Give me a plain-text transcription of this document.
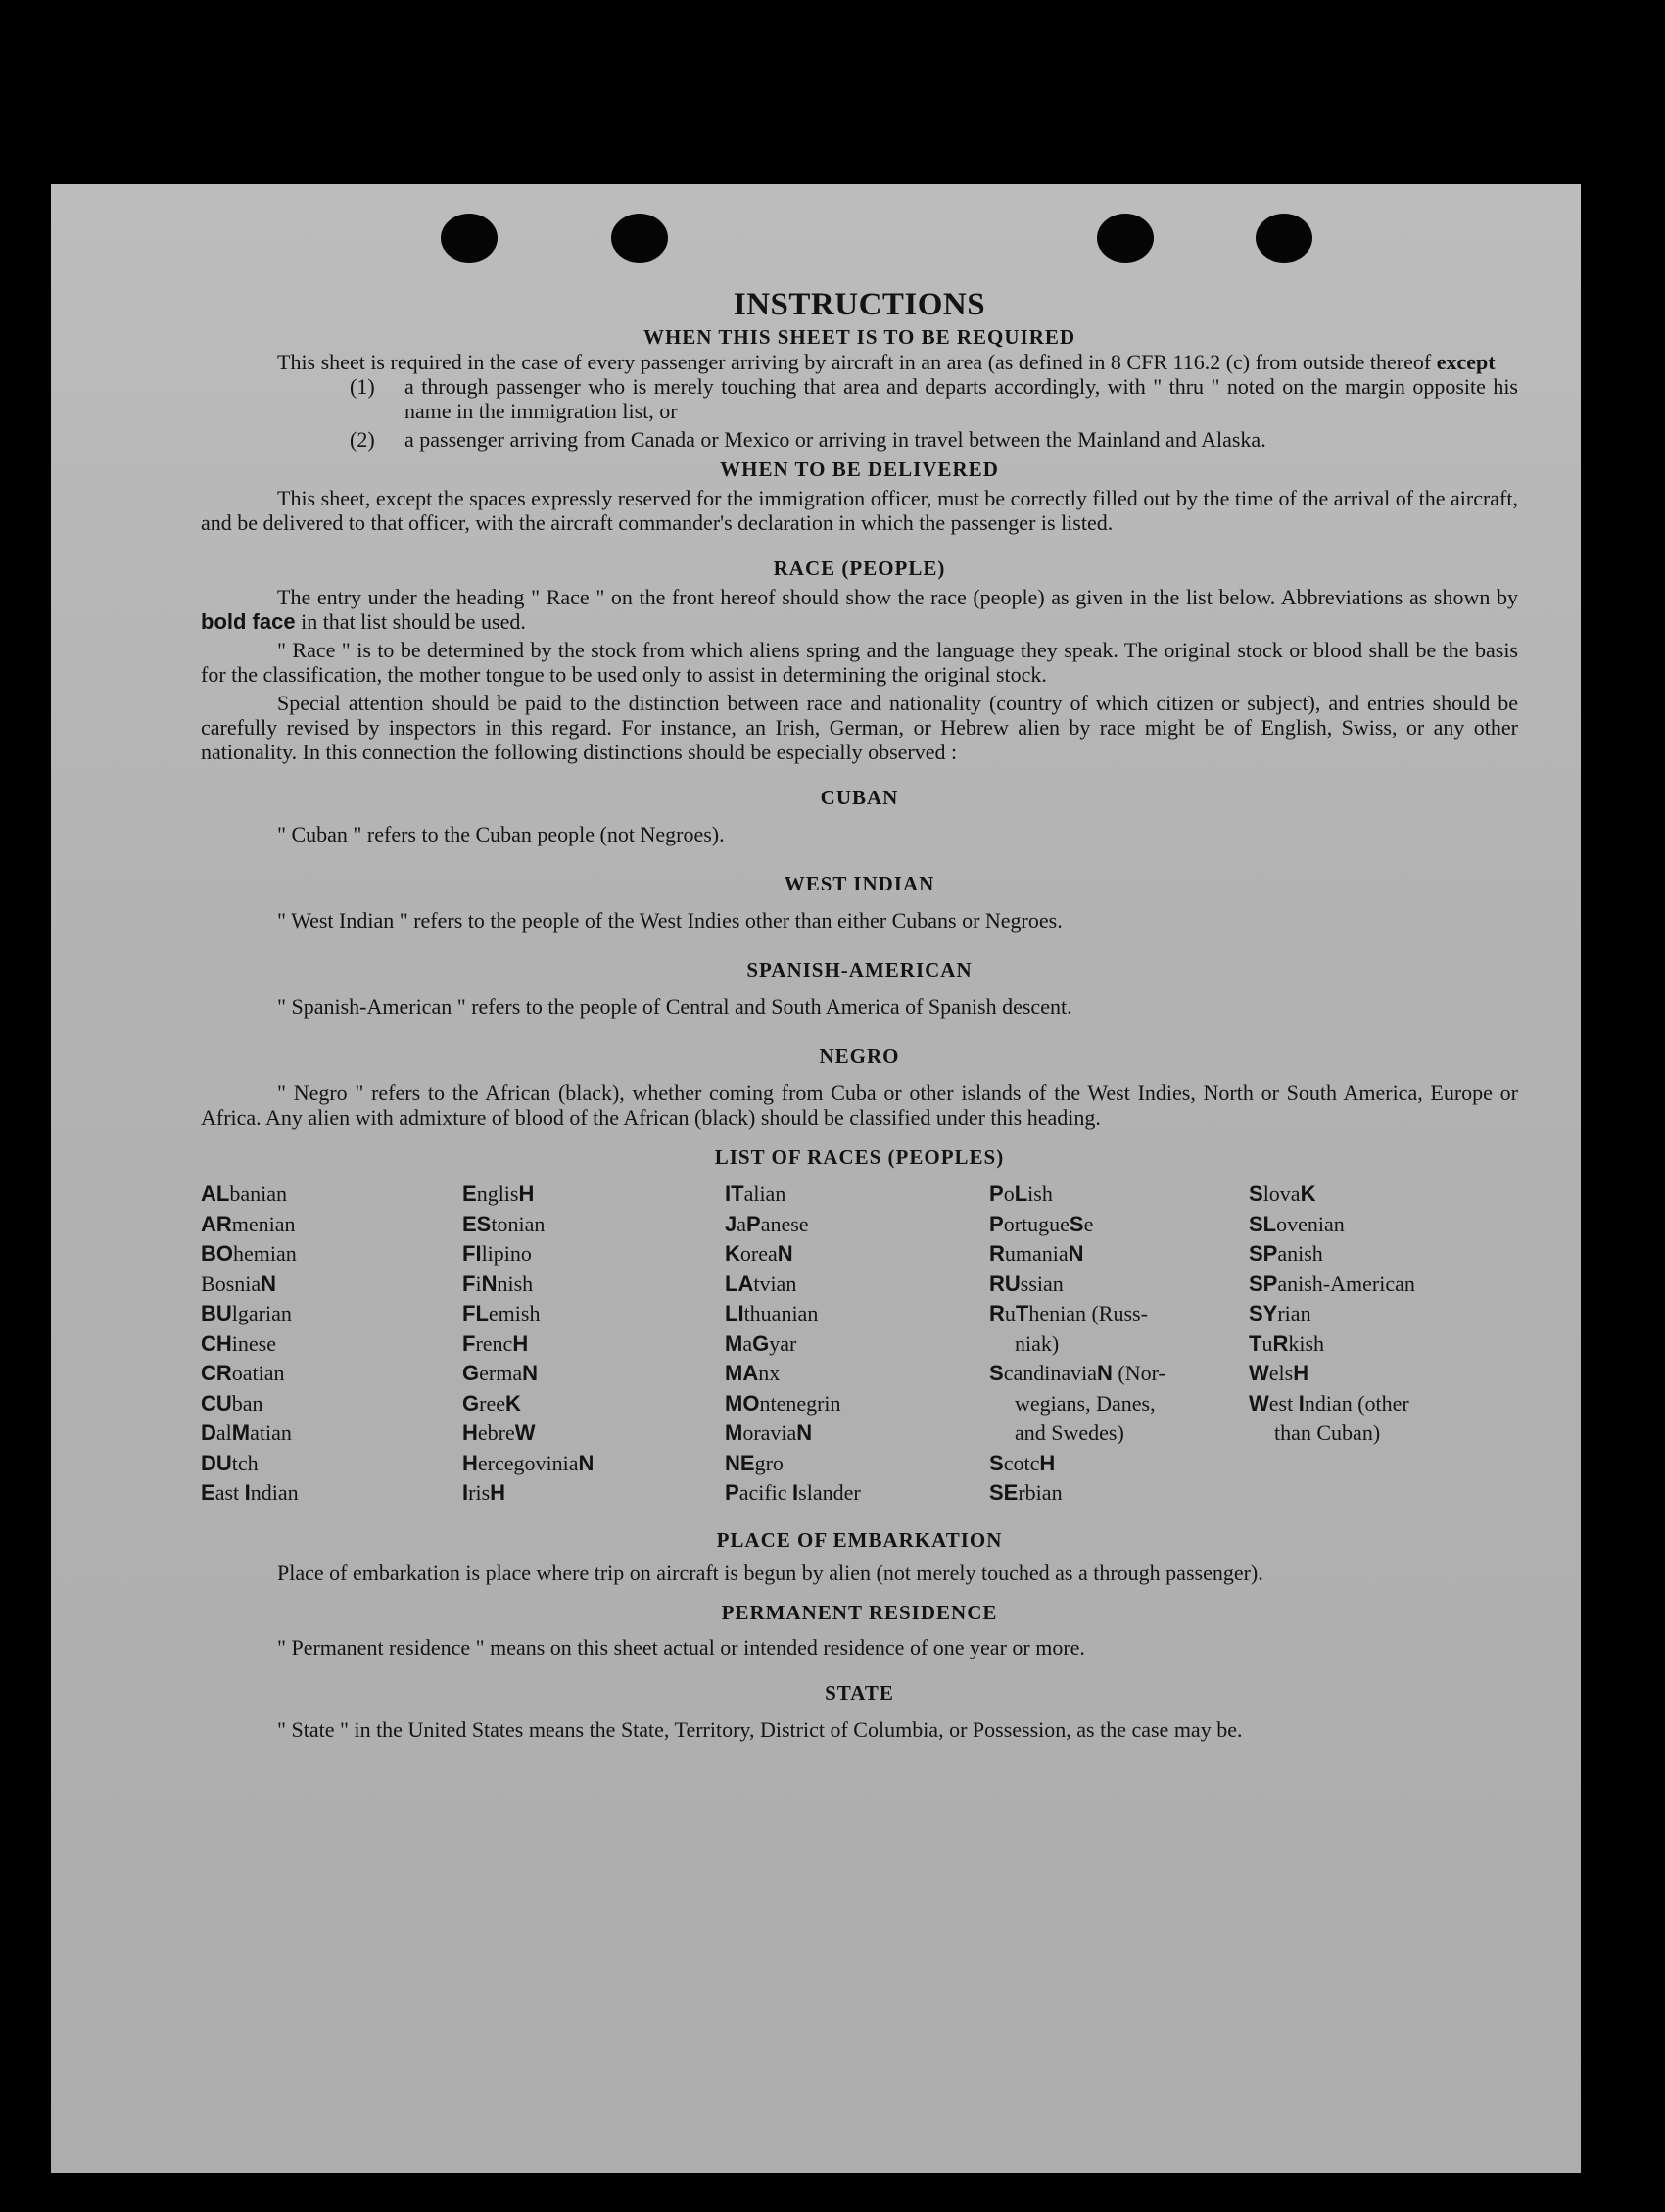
INSTRUCTIONS
WHEN THIS SHEET IS TO BE REQUIRED

This sheet is required in the case of every passenger arriving by aircraft in an area (as defined in 8 CFR 116.2 (c) from outside thereof except

(1) a through passenger who is merely touching that area and departs accordingly, with " thru " noted on the margin opposite his name in the immigration list, or
(2) a passenger arriving from Canada or Mexico or arriving in travel between the Mainland and Alaska.
WHEN TO BE DELIVERED

This sheet, except the spaces expressly reserved for the immigration officer, must be correctly filled out by the time of the arrival of the aircraft, and be delivered to that officer, with the aircraft commander's declaration in which the passenger is listed.

RACE (PEOPLE)

The entry under the heading " Race " on the front hereof should show the race (people) as given in the list below. Abbreviations as shown by bold face in that list should be used.

" Race " is to be determined by the stock from which aliens spring and the language they speak. The original stock or blood shall be the basis for the classification, the mother tongue to be used only to assist in determining the original stock.

Special attention should be paid to the distinction between race and nationality (country of which citizen or subject), and entries should be carefully revised by inspectors in this regard. For instance, an Irish, German, or Hebrew alien by race might be of English, Swiss, or any other nationality. In this connection the following distinctions should be especially observed :

CUBAN

" Cuban " refers to the Cuban people (not Negroes).

WEST INDIAN

" West Indian " refers to the people of the West Indies other than either Cubans or Negroes.

SPANISH-AMERICAN

" Spanish-American " refers to the people of Central and South America of Spanish descent.

NEGRO

" Negro " refers to the African (black), whether coming from Cuba or other islands of the West Indies, North or South America, Europe or Africa. Any alien with admixture of blood of the African (black) should be classified under this heading.

LIST OF RACES (PEOPLES)
ALbanian
ARmenian
BOhemian
BosniaN
BUlgarian
CHinese
CRoatian
CUban
DalMatian
DUtch
East Indian
EnglisH
EStonian
FIlipino
FiNnish
FLemish
FrencH
GermaN
GreeK
HebreW
HercegoviniaN
IrisH
ITalian
JaPanese
KoreaN
LAtvian
LIthuanian
MaGyar
MAnx
MOntenegrin
MoraviaN
NEgro
Pacific Islander
PoLish
PortugueSe
RumaniaN
RUssian
RuThenian (Russ-
niak)
ScandinaviaN (Nor-
wegians, Danes,
and Swedes)
ScotcH
SErbian
SlovaK
SLovenian
SPanish
SPanish-American
SYrian
TuRkish
WelsH
West Indian (other
than Cuban)
PLACE OF EMBARKATION

Place of embarkation is place where trip on aircraft is begun by alien (not merely touched as a through passenger).

PERMANENT RESIDENCE

" Permanent residence " means on this sheet actual or intended residence of one year or more.

STATE

" State " in the United States means the State, Territory, District of Columbia, or Possession, as the case may be.
